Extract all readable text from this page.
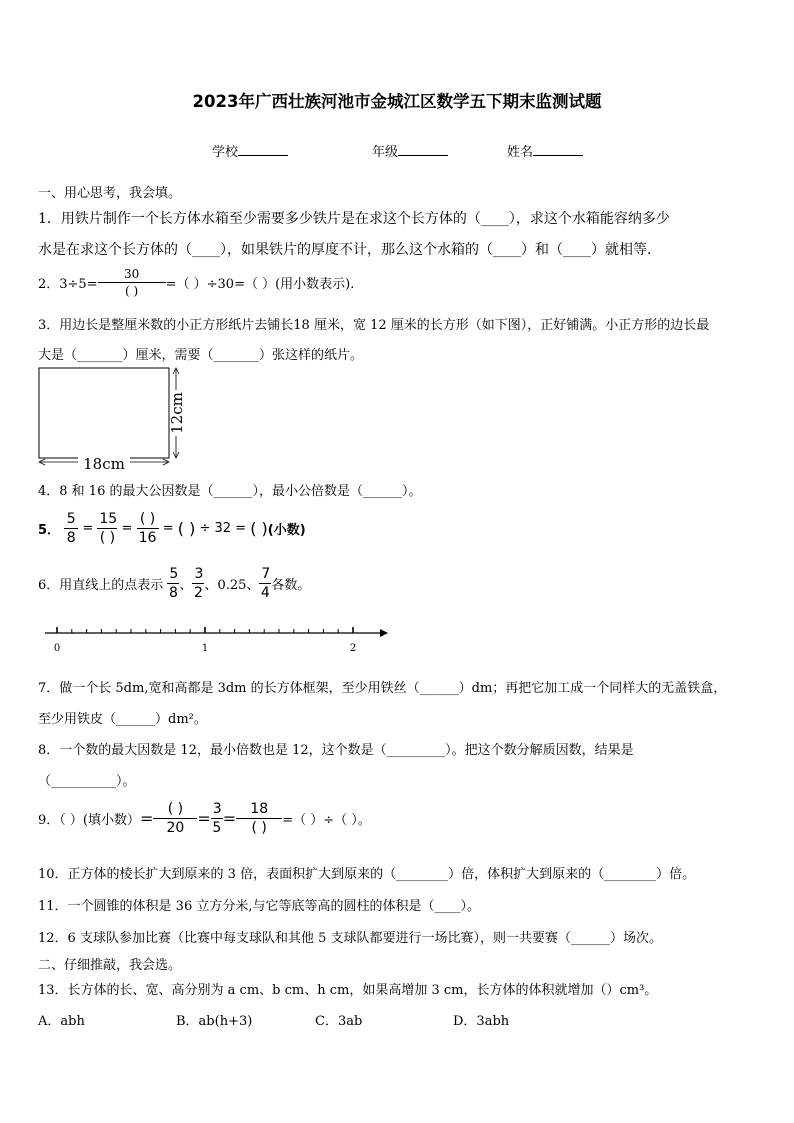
2023年广西壮族河池市金城江区数学五下期末监测试题
学校	年级	姓名
一、用心思考，我会填。
1．用铁片制作一个长方体水箱至少需要多少铁片是在求这个长方体的（____），求这个水箱能容纳多少
水是在求这个长方体的（____），如果铁片的厚度不计，那么这个水箱的（____）和（____）就相等.
2．$3\div 5= \frac{30}{( )}$ =（ ）÷30=（ ）(用小数表示).
3．用边长是整厘米数的小正方形纸片去铺长18 厘米，宽 12 厘米的长方形（如下图），正好铺满。小正方形的边长最
大是（_______）厘米，需要（_______）张这样的纸片。
18cm
12cm
4．8 和 16 的最大公因数是（______），最小公倍数是（______）。
5． $\frac{5}{8} = \frac{15}{( )} = \frac{( )}{16}$ = ( ) ÷ 32 = ( )(小数)
6．用直线上的点表示 $\frac{5}{8}$ 、 $\frac{3}{2}$ 、0.25、 $\frac{7}{4}$ 各数。
0	1	2
7．做一个长 5dm,宽和高都是 3dm 的长方体框架，至少用铁丝（______）dm；再把它加工成一个同样大的无盖铁盒，
至少用铁皮（______）dm²。
8．一个数的最大因数是 12，最小倍数也是 12，这个数是（_________）。把这个数分解质因数，结果是
（__________）。
9．（ ）(填小数）= $\frac{( )}{20} = \frac{3}{5} = \frac{18}{( )}$ =（ ）÷（ ）。
10．正方体的棱长扩大到原来的 3 倍，表面积扩大到原来的（________）倍，体积扩大到原来的（________）倍。
11．一个圆锥的体积是 36 立方分米,与它等底等高的圆柱的体积是（____）。
12．6 支球队参加比赛（比赛中每支球队和其他 5 支球队都要进行一场比赛），则一共要赛（______）场次。
二、仔细推敲，我会选。
13．长方体的长、宽、高分别为 a cm、b cm、h cm，如果高增加 3 cm，长方体的体积就增加（）cm³。
A．abh	B．ab(h+3)	C．3ab	D．3abh
